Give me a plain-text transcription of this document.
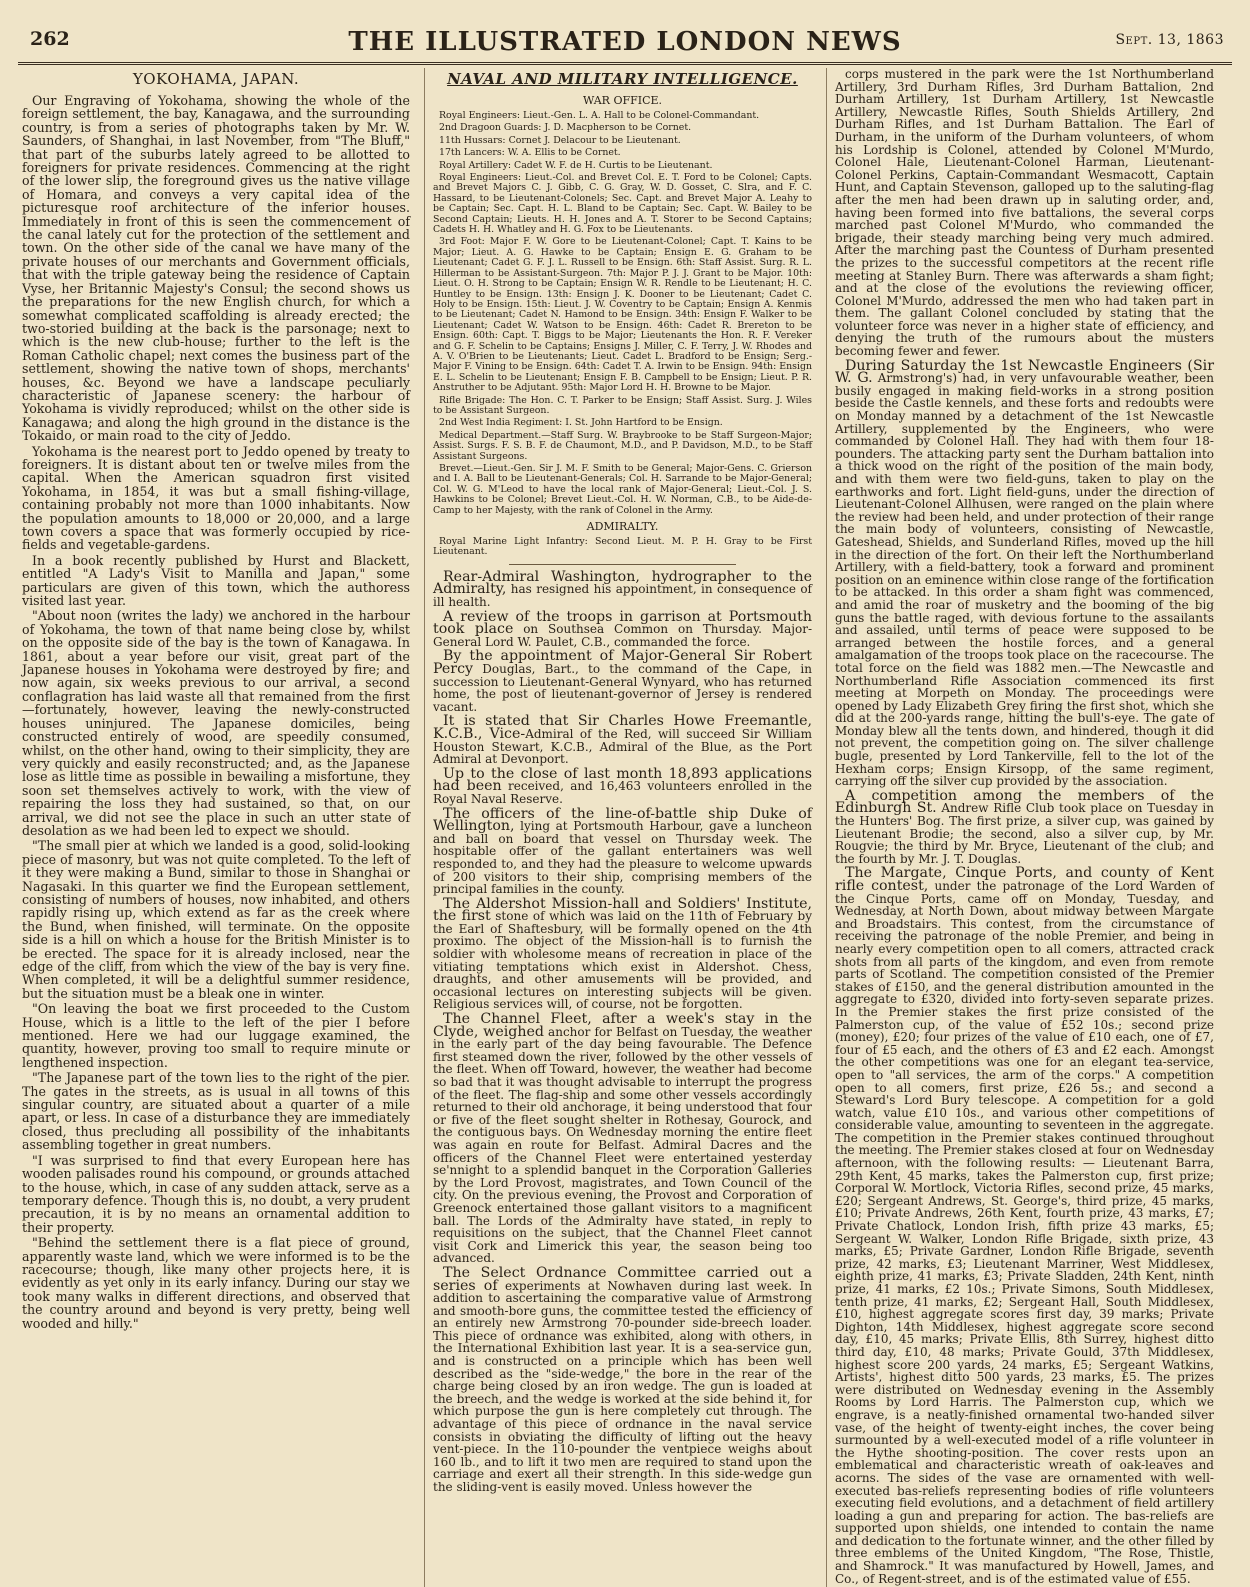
262	THE ILLUSTRATED LONDON NEWS	Sept. 13, 1863
YOKOHAMA, JAPAN.

Our Engraving of Yokohama, showing the whole of the foreign settlement, the bay, Kanagawa, and the surrounding country, is from a series of photographs taken by Mr. W. Saunders, of Shanghai, in last November, from "The Bluff," that part of the suburbs lately agreed to be allotted to foreigners for private residences. Commencing at the right of the lower slip, the foreground gives us the native village of Homara, and conveys a very capital idea of the picturesque roof architecture of the inferior houses. Immediately in front of this is seen the commencement of the canal lately cut for the protection of the settlement and town. On the other side of the canal we have many of the private houses of our merchants and Government officials, that with the triple gateway being the residence of Captain Vyse, her Britannic Majesty's Consul; the second shows us the preparations for the new English church, for which a somewhat complicated scaffolding is already erected; the two-storied building at the back is the parsonage; next to which is the new club-house; further to the left is the Roman Catholic chapel; next comes the business part of the settlement, showing the native town of shops, merchants' houses, &c. Beyond we have a landscape peculiarly characteristic of Japanese scenery: the harbour of Yokohama is vividly reproduced; whilst on the other side is Kanagawa; and along the high ground in the distance is the Tokaido, or main road to the city of Jeddo.

Yokohama is the nearest port to Jeddo opened by treaty to foreigners. It is distant about ten or twelve miles from the capital. When the American squadron first visited Yokohama, in 1854, it was but a small fishing-village, containing probably not more than 1000 inhabitants. Now the population amounts to 18,000 or 20,000, and a large town covers a space that was formerly occupied by rice-fields and vegetable-gardens.

In a book recently published by Hurst and Blackett, entitled "A Lady's Visit to Manilla and Japan," some particulars are given of this town, which the authoress visited last year.

"About noon (writes the lady) we anchored in the harbour of Yokohama, the town of that name being close by, whilst on the opposite side of the bay is the town of Kanagawa. In 1861, about a year before our visit, great part of the Japanese houses in Yokohama were destroyed by fire; and now again, six weeks previous to our arrival, a second conflagration has laid waste all that remained from the first—fortunately, however, leaving the newly-constructed houses uninjured. The Japanese domiciles, being constructed entirely of wood, are speedily consumed, whilst, on the other hand, owing to their simplicity, they are very quickly and easily reconstructed; and, as the Japanese lose as little time as possible in bewailing a misfortune, they soon set themselves actively to work, with the view of repairing the loss they had sustained, so that, on our arrival, we did not see the place in such an utter state of desolation as we had been led to expect we should.

"The small pier at which we landed is a good, solid-looking piece of masonry, but was not quite completed. To the left of it they were making a Bund, similar to those in Shanghai or Nagasaki. In this quarter we find the European settlement, consisting of numbers of houses, now inhabited, and others rapidly rising up, which extend as far as the creek where the Bund, when finished, will terminate. On the opposite side is a hill on which a house for the British Minister is to be erected. The space for it is already inclosed, near the edge of the cliff, from which the view of the bay is very fine. When completed, it will be a delightful summer residence, but the situation must be a bleak one in winter.

"On leaving the boat we first proceeded to the Custom House, which is a little to the left of the pier I before mentioned. Here we had our luggage examined, the quantity, however, proving too small to require minute or lengthened inspection.

"The Japanese part of the town lies to the right of the pier. The gates in the streets, as is usual in all towns of this singular country, are situated about a quarter of a mile apart, or less. In case of a disturbance they are immediately closed, thus precluding all possibility of the inhabitants assembling together in great numbers.

"I was surprised to find that every European here has wooden palisades round his compound, or grounds attached to the house, which, in case of any sudden attack, serve as a temporary defence. Though this is, no doubt, a very prudent precaution, it is by no means an ornamental addition to their property.

"Behind the settlement there is a flat piece of ground, apparently waste land, which we were informed is to be the racecourse; though, like many other projects here, it is evidently as yet only in its early infancy. During our stay we took many walks in different directions, and observed that the country around and beyond is very pretty, being well wooded and hilly."

NAVAL AND MILITARY INTELLIGENCE.
WAR OFFICE.

Royal Engineers: Lieut.-Gen. L. A. Hall to be Colonel-Commandant.

2nd Dragoon Guards: J. D. Macpherson to be Cornet.

11th Hussars: Cornet J. Delacour to be Lieutenant.

17th Lancers: W. A. Ellis to be Cornet.

Royal Artillery: Cadet W. F. de H. Curtis to be Lieutenant.

Royal Engineers: Lieut.-Col. and Brevet Col. E. T. Ford to be Colonel; Capts. and Brevet Majors C. J. Gibb, C. G. Gray, W. D. Gosset, C. Slra, and F. C. Hassard, to be Lieutenant-Colonels; Sec. Capt. and Brevet Major A. Leahy to be Captain; Sec. Capt. H. L. Bland to be Captain; Sec. Capt. W. Bailey to be Second Captain; Lieuts. H. H. Jones and A. T. Storer to be Second Captains; Cadets H. H. Whatley and H. G. Fox to be Lieutenants.

3rd Foot: Major F. W. Gore to be Lieutenant-Colonel; Capt. T. Kains to be Major; Lieut. A. G. Hawke to be Captain; Ensign E. G. Graham to be Lieutenant; Cadet G. F. J. L. Russell to be Ensign. 6th: Staff Assist. Surg. R. L. Hillerman to be Assistant-Surgeon. 7th: Major P. J. J. Grant to be Major. 10th: Lieut. O. H. Strong to be Captain; Ensign W. R. Rendle to be Lieutenant; H. C. Huntley to be Ensign. 13th: Ensign J. K. Dooner to be Lieutenant; Cadet C. Holy to be Ensign. 15th: Lieut. J. W. Coventry to be Captain; Ensign A. Kenmis to be Lieutenant; Cadet N. Hamond to be Ensign. 34th: Ensign F. Walker to be Lieutenant; Cadet W. Watson to be Ensign. 46th: Cadet R. Brereton to be Ensign. 60th: Capt. T. Biggs to be Major; Lieutenants the Hon. R. F. Vereker and G. F. Schelin to be Captains; Ensigns J. Miller, C. F. Terry, J. W. Rhodes and A. V. O'Brien to be Lieutenants; Lieut. Cadet L. Bradford to be Ensign; Serg.-Major F. Vining to be Ensign. 64th: Cadet T. A. Irwin to be Ensign. 94th: Ensign E. L. Schelin to be Lieutenant; Ensign F. B. Campbell to be Ensign; Lieut. P. R. Anstruther to be Adjutant. 95th: Major Lord H. H. Browne to be Major.

Rifle Brigade: The Hon. C. T. Parker to be Ensign; Staff Assist. Surg. J. Wiles to be Assistant Surgeon.

2nd West India Regiment: I. St. John Hartford to be Ensign.

Medical Department.—Staff Surg. W. Braybrooke to be Staff Surgeon-Major; Assist. Surgs. F. S. B. F. de Chaumont, M.D., and P. Davidson, M.D., to be Staff Assistant Surgeons.

Brevet.—Lieut.-Gen. Sir J. M. F. Smith to be General; Major-Gens. C. Grierson and I. A. Ball to be Lieutenant-Generals; Col. H. Sarrande to be Major-General; Col. W. G. M'Leod to have the local rank of Major-General; Lieut.-Col. J. S. Hawkins to be Colonel; Brevet Lieut.-Col. H. W. Norman, C.B., to be Aide-de-Camp to her Majesty, with the rank of Colonel in the Army.

ADMIRALTY.

Royal Marine Light Infantry: Second Lieut. M. P. H. Gray to be First Lieutenant.

Rear-Admiral Washington, hydrographer to the Admiralty, has resigned his appointment, in consequence of ill health.

A review of the troops in garrison at Portsmouth took place on Southsea Common on Thursday. Major-General Lord W. Paulet, C.B., commanded the force.

By the appointment of Major-General Sir Robert Percy Douglas, Bart., to the command of the Cape, in succession to Lieutenant-General Wynyard, who has returned home, the post of lieutenant-governor of Jersey is rendered vacant.

It is stated that Sir Charles Howe Freemantle, K.C.B., Vice-Admiral of the Red, will succeed Sir William Houston Stewart, K.C.B., Admiral of the Blue, as the Port Admiral at Devonport.

Up to the close of last month 18,893 applications had been received, and 16,463 volunteers enrolled in the Royal Naval Reserve.

The officers of the line-of-battle ship Duke of Wellington, lying at Portsmouth Harbour, gave a luncheon and ball on board that vessel on Thursday week. The hospitable offer of the gallant entertainers was well responded to, and they had the pleasure to welcome upwards of 200 visitors to their ship, comprising members of the principal families in the county.

The Aldershot Mission-hall and Soldiers' Institute, the first stone of which was laid on the 11th of February by the Earl of Shaftesbury, will be formally opened on the 4th proximo. The object of the Mission-hall is to furnish the soldier with wholesome means of recreation in place of the vitiating temptations which exist in Aldershot. Chess, draughts, and other amusements will be provided, and occasional lectures on interesting subjects will be given. Religious services will, of course, not be forgotten.

The Channel Fleet, after a week's stay in the Clyde, weighed anchor for Belfast on Tuesday, the weather in the early part of the day being favourable. The Defence first steamed down the river, followed by the other vessels of the fleet. When off Toward, however, the weather had become so bad that it was thought advisable to interrupt the progress of the fleet. The flag-ship and some other vessels accordingly returned to their old anchorage, it being understood that four or five of the fleet sought shelter in Rothesay, Gourock, and the contiguous bays. On Wednesday morning the entire fleet was again en route for Belfast. Admiral Dacres and the officers of the Channel Fleet were entertained yesterday se'nnight to a splendid banquet in the Corporation Galleries by the Lord Provost, magistrates, and Town Council of the city. On the previous evening, the Provost and Corporation of Greenock entertained those gallant visitors to a magnificent ball. The Lords of the Admiralty have stated, in reply to requisitions on the subject, that the Channel Fleet cannot visit Cork and Limerick this year, the season being too advanced.

The Select Ordnance Committee carried out a series of experiments at Nowhaven during last week. In addition to ascertaining the comparative value of Armstrong and smooth-bore guns, the committee tested the efficiency of an entirely new Armstrong 70-pounder side-breech loader. This piece of ordnance was exhibited, along with others, in the International Exhibition last year. It is a sea-service gun, and is constructed on a principle which has been well described as the "side-wedge," the bore in the rear of the charge being closed by an iron wedge. The gun is loaded at the breech, and the wedge is worked at the side behind it, for which purpose the gun is here completely cut through. The advantage of this piece of ordnance in the naval service consists in obviating the difficulty of lifting out the heavy vent-piece. In the 110-pounder the ventpiece weighs about 160 lb., and to lift it two men are required to stand upon the carriage and exert all their strength. In this side-wedge gun the sliding-vent is easily moved. Unless however the

corps mustered in the park were the 1st Northumberland Artillery, 3rd Durham Rifles, 3rd Durham Battalion, 2nd Durham Artillery, 1st Durham Artillery, 1st Newcastle Artillery, Newcastle Rifles, South Shields Artillery, 2nd Durham Rifles, and 1st Durham Battalion. The Earl of Durham, in the uniform of the Durham volunteers, of whom his Lordship is Colonel, attended by Colonel M'Murdo, Colonel Hale, Lieutenant-Colonel Harman, Lieutenant-Colonel Perkins, Captain-Commandant Wesmacott, Captain Hunt, and Captain Stevenson, galloped up to the saluting-flag after the men had been drawn up in saluting order, and, having been formed into five battalions, the several corps marched past Colonel M'Murdo, who commanded the brigade, their steady marching being very much admired. After the marching past the Countess of Durham presented the prizes to the successful competitors at the recent rifle meeting at Stanley Burn. There was afterwards a sham fight; and at the close of the evolutions the reviewing officer, Colonel M'Murdo, addressed the men who had taken part in them. The gallant Colonel concluded by stating that the volunteer force was never in a higher state of efficiency, and denying the truth of the rumours about the musters becoming fewer and fewer.

During Saturday the 1st Newcastle Engineers (Sir W. G. Armstrong's) had, in very unfavourable weather, been busily engaged in making field-works in a strong position beside the Castle kennels, and these forts and redoubts were on Monday manned by a detachment of the 1st Newcastle Artillery, supplemented by the Engineers, who were commanded by Colonel Hall. They had with them four 18-pounders. The attacking party sent the Durham battalion into a thick wood on the right of the position of the main body, and with them were two field-guns, taken to play on the earthworks and fort. Light field-guns, under the direction of Lieutenant-Colonel Allhusen, were ranged on the plain where the review had been held, and under protection of their range the main body of volunteers, consisting of Newcastle, Gateshead, Shields, and Sunderland Rifles, moved up the hill in the direction of the fort. On their left the Northumberland Artillery, with a field-battery, took a forward and prominent position on an eminence within close range of the fortification to be attacked. In this order a sham fight was commenced, and amid the roar of musketry and the booming of the big guns the battle raged, with devious fortune to the assailants and assailed, until terms of peace were supposed to be arranged between the hostile forces, and a general amalgamation of the troops took place on the racecourse. The total force on the field was 1882 men.—The Newcastle and Northumberland Rifle Association commenced its first meeting at Morpeth on Monday. The proceedings were opened by Lady Elizabeth Grey firing the first shot, which she did at the 200-yards range, hitting the bull's-eye. The gate of Monday blew all the tents down, and hindered, though it did not prevent, the competition going on. The silver challenge bugle, presented by Lord Tankerville, fell to the lot of the Hexham corps; Ensign Kirsopp, of the same regiment, carrying off the silver cup provided by the association.

A competition among the members of the Edinburgh St. Andrew Rifle Club took place on Tuesday in the Hunters' Bog. The first prize, a silver cup, was gained by Lieutenant Brodie; the second, also a silver cup, by Mr. Rougvie; the third by Mr. Bryce, Lieutenant of the club; and the fourth by Mr. J. T. Douglas.

The Margate, Cinque Ports, and county of Kent rifle contest, under the patronage of the Lord Warden of the Cinque Ports, came off on Monday, Tuesday, and Wednesday, at North Down, about midway between Margate and Broadstairs. This contest, from the circumstance of receiving the patronage of the noble Premier, and being in nearly every competition open to all comers, attracted crack shots from all parts of the kingdom, and even from remote parts of Scotland. The competition consisted of the Premier stakes of £150, and the general distribution amounted in the aggregate to £320, divided into forty-seven separate prizes. In the Premier stakes the first prize consisted of the Palmerston cup, of the value of £52 10s.; second prize (money), £20; four prizes of the value of £10 each, one of £7, four of £5 each, and the others of £3 and £2 each. Amongst the other competitions was one for an elegant tea-service, open to "all services, the arm of the corps." A competition open to all comers, first prize, £26 5s.; and second a Steward's Lord Bury telescope. A competition for a gold watch, value £10 10s., and various other competitions of considerable value, amounting to seventeen in the aggregate. The competition in the Premier stakes continued throughout the meeting. The Premier stakes closed at four on Wednesday afternoon, with the following results: — Lieutenant Barra, 29th Kent, 45 marks, takes the Palmerston cup, first prize; Corporal W. Mortlock, Victoria Rifles, second prize, 45 marks, £20; Sergeant Andrews, St. George's, third prize, 45 marks, £10; Private Andrews, 26th Kent, fourth prize, 43 marks, £7; Private Chatlock, London Irish, fifth prize 43 marks, £5; Sergeant W. Walker, London Rifle Brigade, sixth prize, 43 marks, £5; Private Gardner, London Rifle Brigade, seventh prize, 42 marks, £3; Lieutenant Marriner, West Middlesex, eighth prize, 41 marks, £3; Private Sladden, 24th Kent, ninth prize, 41 marks, £2 10s.; Private Simons, South Middlesex, tenth prize, 41 marks, £2; Sergeant Hall, South Middlesex, £10, highest aggregate scores first day, 39 marks; Private Dighton, 14th Middlesex, highest aggregate score second day, £10, 45 marks; Private Ellis, 8th Surrey, highest ditto third day, £10, 48 marks; Private Gould, 37th Middlesex, highest score 200 yards, 24 marks, £5; Sergeant Watkins, Artists', highest ditto 500 yards, 23 marks, £5. The prizes were distributed on Wednesday evening in the Assembly Rooms by Lord Harris. The Palmerston cup, which we engrave, is a neatly-finished ornamental two-handed silver vase, of the height of twenty-eight inches, the cover being surmounted by a well-executed model of a rifle volunteer in the Hythe shooting-position. The cover rests upon an emblematical and characteristic wreath of oak-leaves and acorns. The sides of the vase are ornamented with well-executed bas-reliefs representing bodies of rifle volunteers executing field evolutions, and a detachment of field artillery loading a gun and preparing for action. The bas-reliefs are supported upon shields, one intended to contain the name and dedication to the fortunate winner, and the other filled by three emblems of the United Kingdom, "The Rose, Thistle, and Shamrock." It was manufactured by Howell, James, and Co., of Regent-street, and is of the estimated value of £55.
